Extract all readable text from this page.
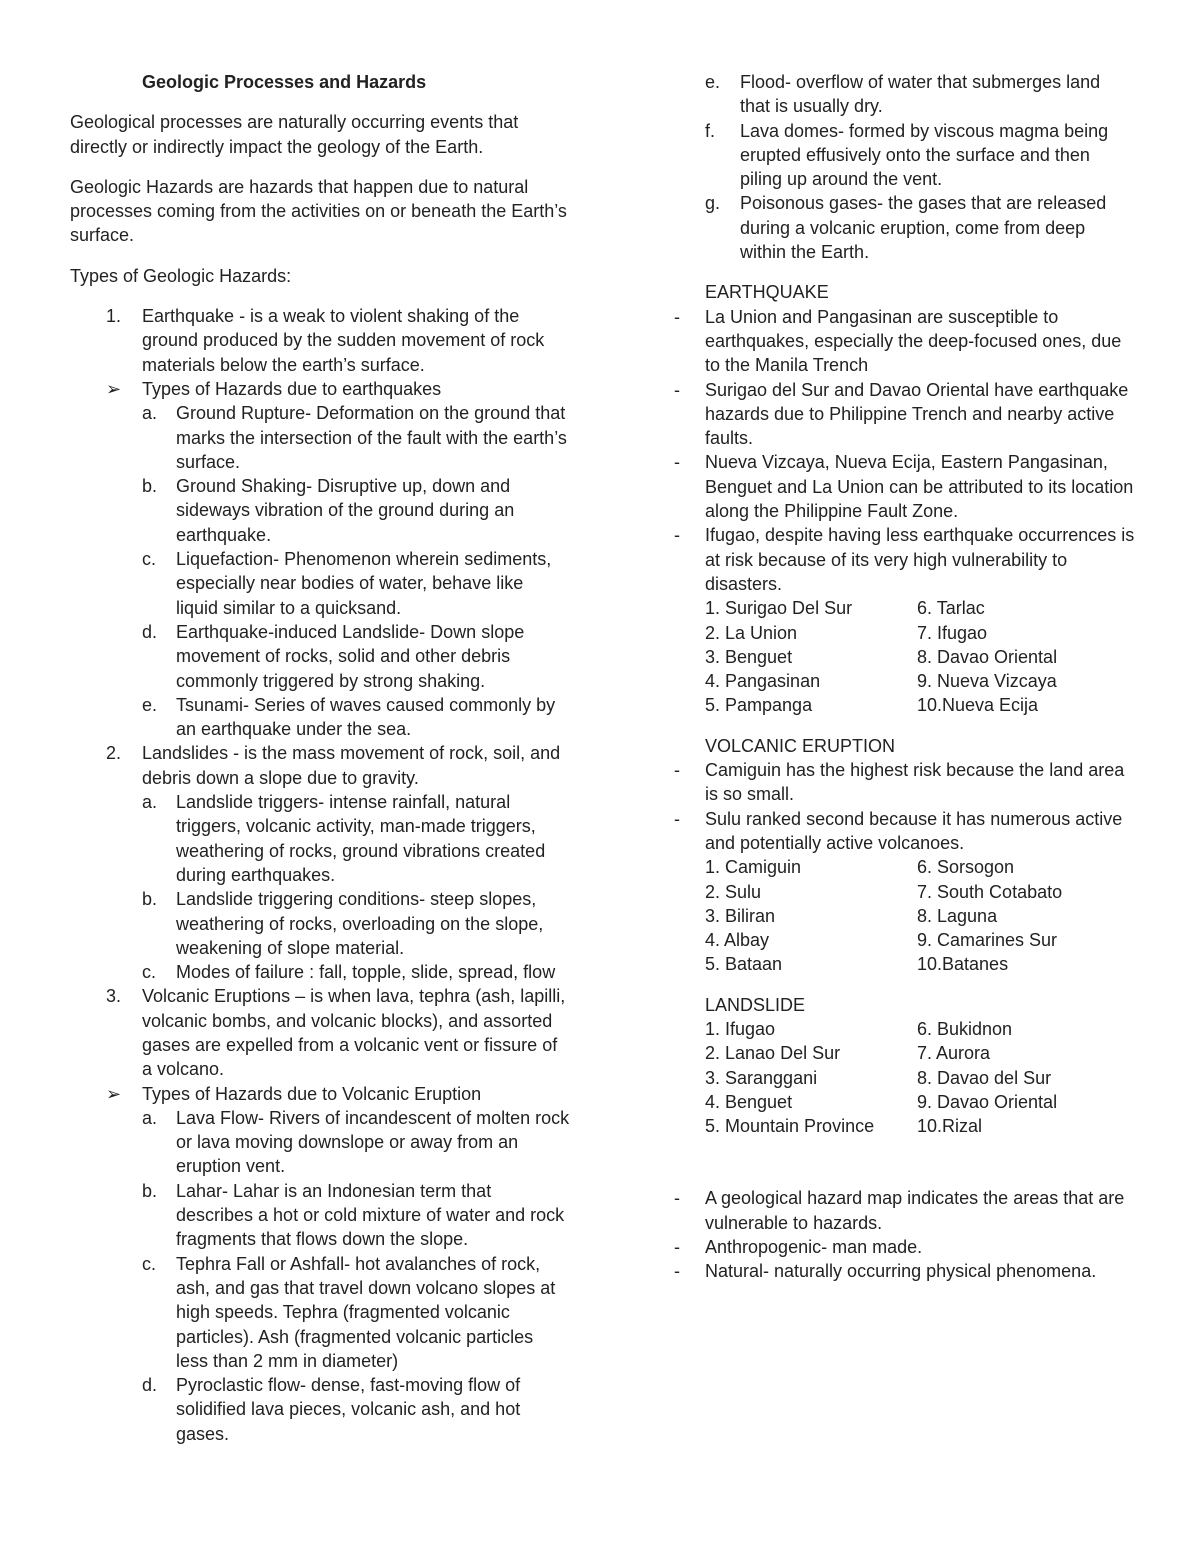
Geologic Processes and Hazards

Geological processes are naturally occurring events that directly or indirectly impact the geology of the Earth.

Geologic Hazards are hazards that happen due to natural processes coming from the activities on or beneath the Earth’s surface.

Types of Geologic Hazards:

1.	Earthquake - is a weak to violent shaking of the ground produced by the sudden movement of rock materials below the earth’s surface.
➢ Types of Hazards due to earthquakes
a. Ground Rupture- Deformation on the ground that marks the intersection of the fault with the earth’s surface.
b. Ground Shaking- Disruptive up, down and sideways vibration of the ground during an earthquake.
c. Liquefaction- Phenomenon wherein sediments, especially near bodies of water, behave like liquid similar to a quicksand.
d. Earthquake-induced Landslide- Down slope movement of rocks, solid and other debris commonly triggered by strong shaking.
e. Tsunami- Series of waves caused commonly by an earthquake under the sea.
2.	Landslides - is the mass movement of rock, soil, and debris down a slope due to gravity.
a. Landslide triggers- intense rainfall, natural triggers, volcanic activity, man-made triggers, weathering of rocks, ground vibrations created during earthquakes.
b. Landslide triggering conditions- steep slopes, weathering of rocks, overloading on the slope, weakening of slope material.
c. Modes of failure : fall, topple, slide, spread, flow
3.	Volcanic Eruptions – is when lava, tephra (ash, lapilli, volcanic bombs, and volcanic blocks), and assorted gases are expelled from a volcanic vent or fissure of a volcano.
➢ Types of Hazards due to Volcanic Eruption
a. Lava Flow- Rivers of incandescent of molten rock or lava moving downslope or away from an eruption vent.
b. Lahar- Lahar is an Indonesian term that describes a hot or cold mixture of water and rock fragments that flows down the slope.
c. Tephra Fall or Ashfall- hot avalanches of rock, ash, and gas that travel down volcano slopes at high speeds. Tephra (fragmented volcanic particles). Ash (fragmented volcanic particles less than 2 mm in diameter)
d. Pyroclastic flow- dense, fast-moving flow of solidified lava pieces, volcanic ash, and hot gases.
e.	Flood- overflow of water that submerges land that is usually dry.
f.	Lava domes- formed by viscous magma being erupted effusively onto the surface and then piling up around the vent.
g.	Poisonous gases- the gases that are released during a volcanic eruption, come from deep within the Earth.

EARTHQUAKE

- La Union and Pangasinan are susceptible to earthquakes, especially the deep-focused ones, due to the Manila Trench
- Surigao del Sur and Davao Oriental have earthquake hazards due to Philippine Trench and nearby active faults.
- Nueva Vizcaya, Nueva Ecija, Eastern Pangasinan, Benguet and La Union can be attributed to its location along the Philippine Fault Zone.
- Ifugao, despite having less earthquake occurrences is at risk because of its very high vulnerability to disasters.
1. Surigao Del Sur	6. Tarlac
2. La Union	7. Ifugao
3. Benguet	8. Davao Oriental
4. Pangasinan	9. Nueva Vizcaya
5. Pampanga	10.Nueva Ecija

VOLCANIC ERUPTION

- Camiguin has the highest risk because the land area is so small.
- Sulu ranked second because it has numerous active and potentially active volcanoes.
1. Camiguin	6. Sorsogon
2. Sulu	7. South Cotabato
3. Biliran	8. Laguna
4. Albay	9. Camarines Sur
5. Bataan	10.Batanes

LANDSLIDE

1. Ifugao	6. Bukidnon
2. Lanao Del Sur	7. Aurora
3. Saranggani	8. Davao del Sur
4. Benguet	9. Davao Oriental
5. Mountain Province	10.Rizal
- A geological hazard map indicates the areas that are vulnerable to hazards.
- Anthropogenic- man made.
- Natural- naturally occurring physical phenomena.
